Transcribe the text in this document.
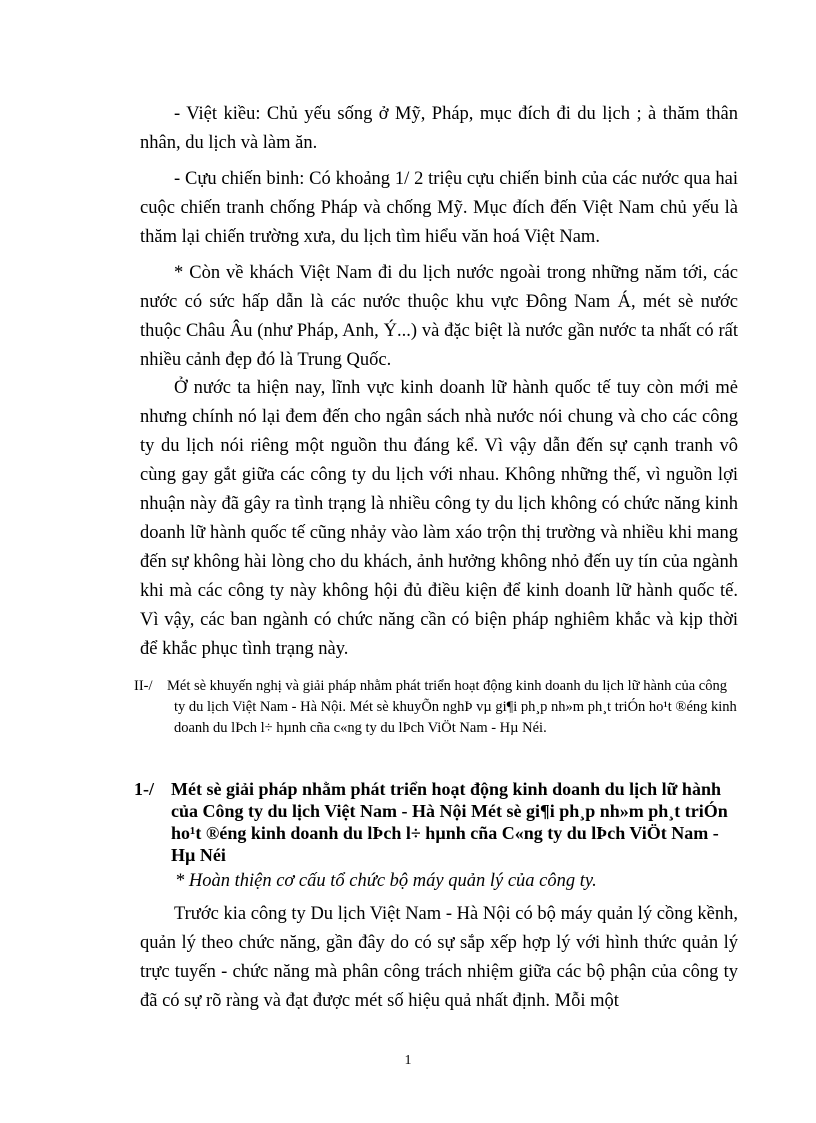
- Việt kiều: Chủ yếu sống ở Mỹ, Pháp, mục đích đi du lịch ; à thăm thân nhân, du lịch và làm ăn.

- Cựu chiến binh: Có khoảng 1/ 2 triệu cựu chiến binh của các nước qua hai cuộc chiến tranh chống Pháp và chống Mỹ. Mục đích đến Việt Nam chủ yếu là thăm lại chiến trường xưa, du lịch tìm hiểu văn hoá Việt Nam.

* Còn về khách Việt Nam đi du lịch nước ngoài trong những năm tới, các nước có sức hấp dẫn là các nước thuộc khu vực Đông Nam Á, mét sè nước thuộc Châu Âu (như Pháp, Anh, Ý...) và đặc biệt là nước gần nước ta nhất có rất nhiều cảnh đẹp đó là Trung Quốc.

Ở nước ta hiện nay, lĩnh vực kinh doanh lữ hành quốc tế tuy còn mới mẻ nhưng chính nó lại đem đến cho ngân sách nhà nước nói chung và cho các công ty du lịch nói riêng một nguồn thu đáng kể. Vì vậy dẫn đến sự cạnh tranh vô cùng gay gắt giữa các công ty du lịch với nhau. Không những thế, vì nguồn lợi nhuận này đã gây ra tình trạng là nhiều công ty du lịch không có chức năng kinh doanh lữ hành quốc tế cũng nhảy vào làm xáo trộn thị trường và nhiều khi mang đến sự không hài lòng cho du khách, ảnh hưởng không nhỏ đến uy tín của ngành khi mà các công ty này không hội đủ điều kiện để kinh doanh lữ hành quốc tế. Vì vậy, các ban ngành có chức năng cần có biện pháp nghiêm khắc và kịp thời để khắc phục tình trạng này.

II-/ Mét sè khuyến nghị và giải pháp nhằm phát triển hoạt động kinh doanh du lịch lữ hành của công ty du lịch Việt Nam - Hà Nội. Mét sè khuyÕn nghÞ vµ gi¶i ph¸p nh»m ph¸t triÓn ho¹t ®éng kinh doanh du lÞch l÷ hµnh cña c«ng ty du lÞch ViÖt Nam - Hµ Néi.
1-/ Mét sè giải pháp nhằm phát triển hoạt động kinh doanh du lịch lữ hành của Công ty du lịch Việt Nam - Hà Nội Mét sè gi¶i ph¸p nh»m ph¸t triÓn ho¹t ®éng kinh doanh du lÞch l÷ hµnh cña C«ng ty du lÞch ViÖt Nam - Hµ Néi

* Hoàn thiện cơ cấu tổ chức bộ máy quản lý của công ty.

Trước kia công ty Du lịch Việt Nam - Hà Nội có bộ máy quản lý cồng kềnh, quản lý theo chức năng, gần đây do có sự sắp xếp hợp lý với hình thức quản lý trực tuyến - chức năng mà phân công trách nhiệm giữa các bộ phận của công ty đã có sự rõ ràng và đạt được mét số hiệu quả nhất định. Mỗi một

1
